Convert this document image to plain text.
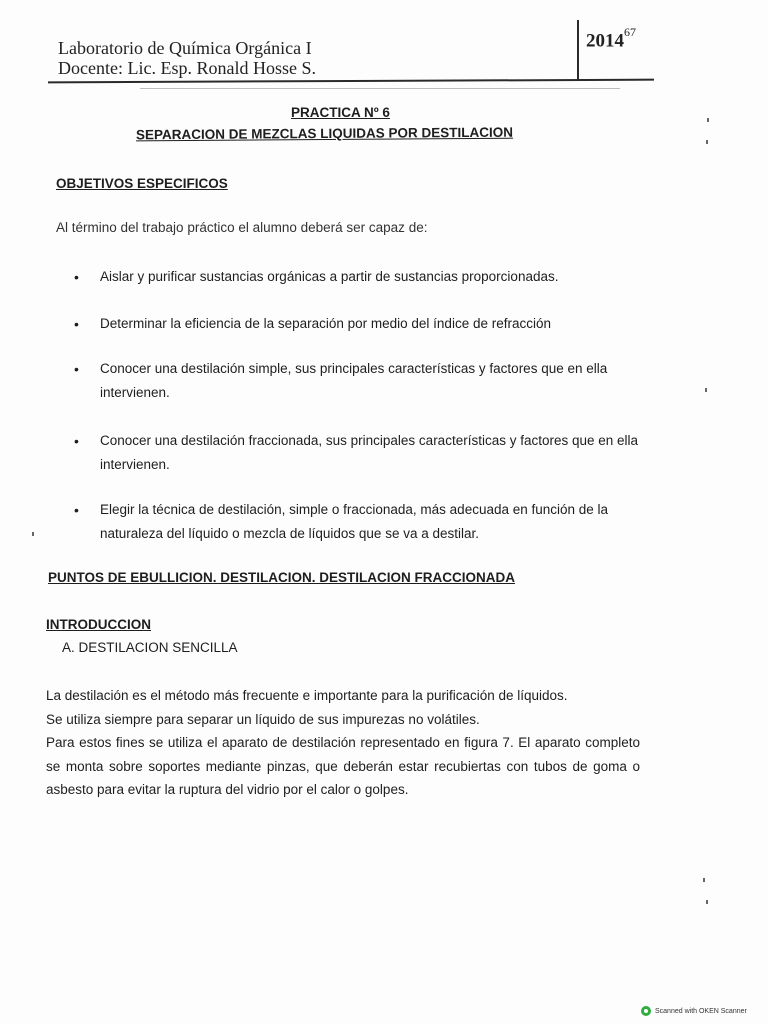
Laboratorio de Química Orgánica I
Docente: Lic. Esp. Ronald Hosse S.
2014$^{67}$
PRACTICA Nº 6
SEPARACION DE MEZCLAS LIQUIDAS POR DESTILACION
OBJETIVOS ESPECIFICOS
Al término del trabajo práctico el alumno deberá ser capaz de:
• Aislar y purificar sustancias orgánicas a partir de sustancias proporcionadas.
• Determinar la eficiencia de la separación por medio del índice de refracción
• Conocer una destilación simple, sus principales características y factores que en ella intervienen.
• Conocer una destilación fraccionada, sus principales características y factores que en ella intervienen.
• Elegir la técnica de destilación, simple o fraccionada, más adecuada en función de la naturaleza del líquido o mezcla de líquidos que se va a destilar.
PUNTOS DE EBULLICION. DESTILACION. DESTILACION FRACCIONADA
INTRODUCCION
A. DESTILACION SENCILLA

La destilación es el método más frecuente e importante para la purificación de líquidos.

Se utiliza siempre para separar un líquido de sus impurezas no volátiles.

Para estos fines se utiliza el aparato de destilación representado en figura 7. El aparato completo se monta sobre soportes mediante pinzas, que deberán estar recubiertas con tubos de goma o asbesto para evitar la ruptura del vidrio por el calor o golpes.

Scanned with OKEN Scanner
